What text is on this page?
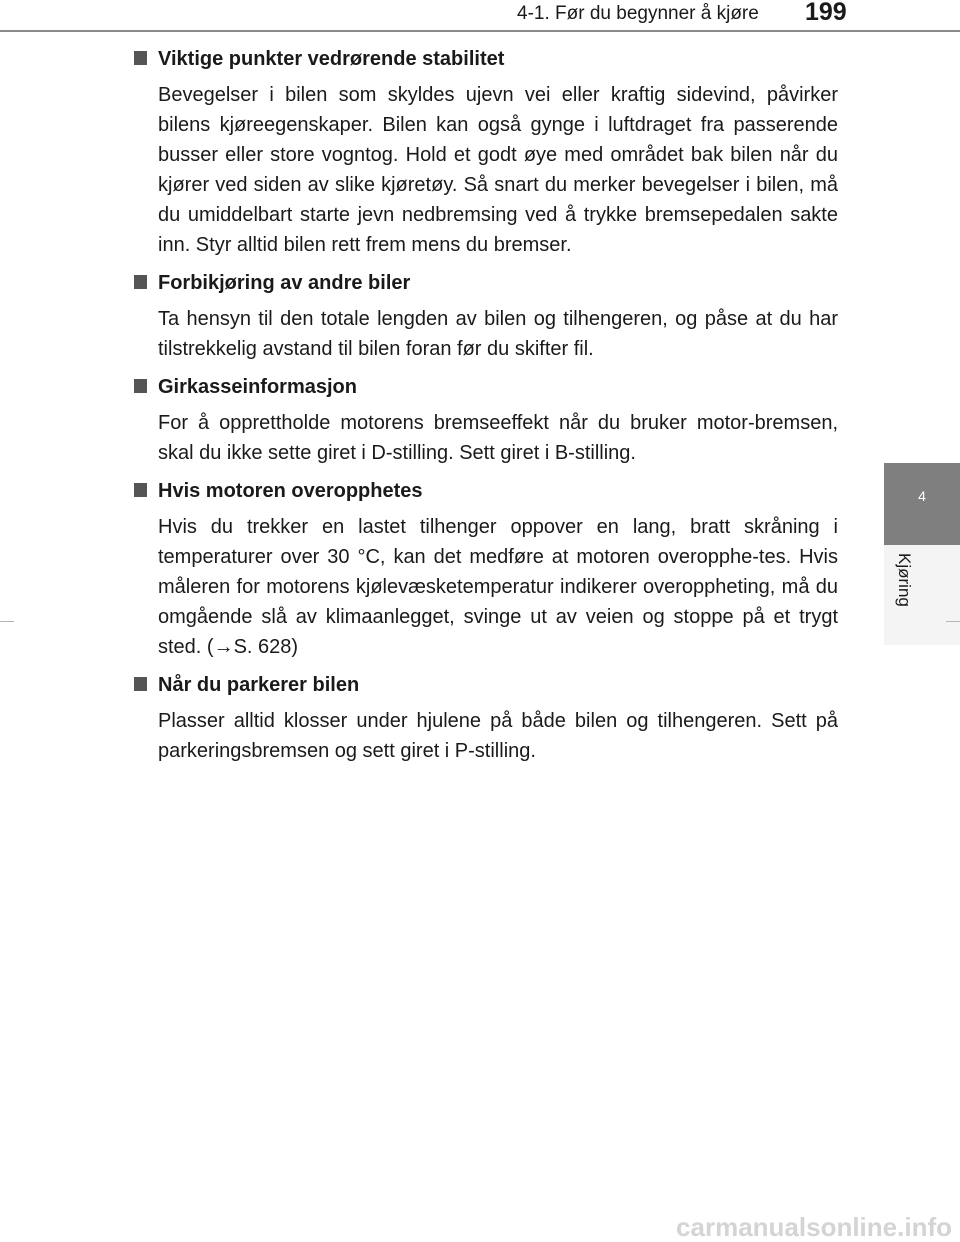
4-1. Før du begynner å kjøre	199
4
Kjøring
Viktige punkter vedrørende stabilitet

Bevegelser i bilen som skyldes ujevn vei eller kraftig sidevind, påvirker bilens kjøreegenskaper. Bilen kan også gynge i luftdraget fra passerende busser eller store vogntog. Hold et godt øye med området bak bilen når du kjører ved siden av slike kjøretøy. Så snart du merker bevegelser i bilen, må du umiddelbart starte jevn nedbremsing ved å trykke bremsepedalen sakte inn. Styr alltid bilen rett frem mens du bremser.

Forbikjøring av andre biler

Ta hensyn til den totale lengden av bilen og tilhengeren, og påse at du har tilstrekkelig avstand til bilen foran før du skifter fil.

Girkasseinformasjon

For å opprettholde motorens bremseeffekt når du bruker motor-bremsen, skal du ikke sette giret i D-stilling. Sett giret i B-stilling.

Hvis motoren overopphetes

Hvis du trekker en lastet tilhenger oppover en lang, bratt skråning i temperaturer over 30 °C, kan det medføre at motoren overopphe-tes. Hvis måleren for motorens kjølevæsketemperatur indikerer overoppheting, må du omgående slå av klimaanlegget, svinge ut av veien og stoppe på et trygt sted. (→S. 628)

Når du parkerer bilen

Plasser alltid klosser under hjulene på både bilen og tilhengeren. Sett på parkeringsbremsen og sett giret i P-stilling.

carmanualsonline.info
